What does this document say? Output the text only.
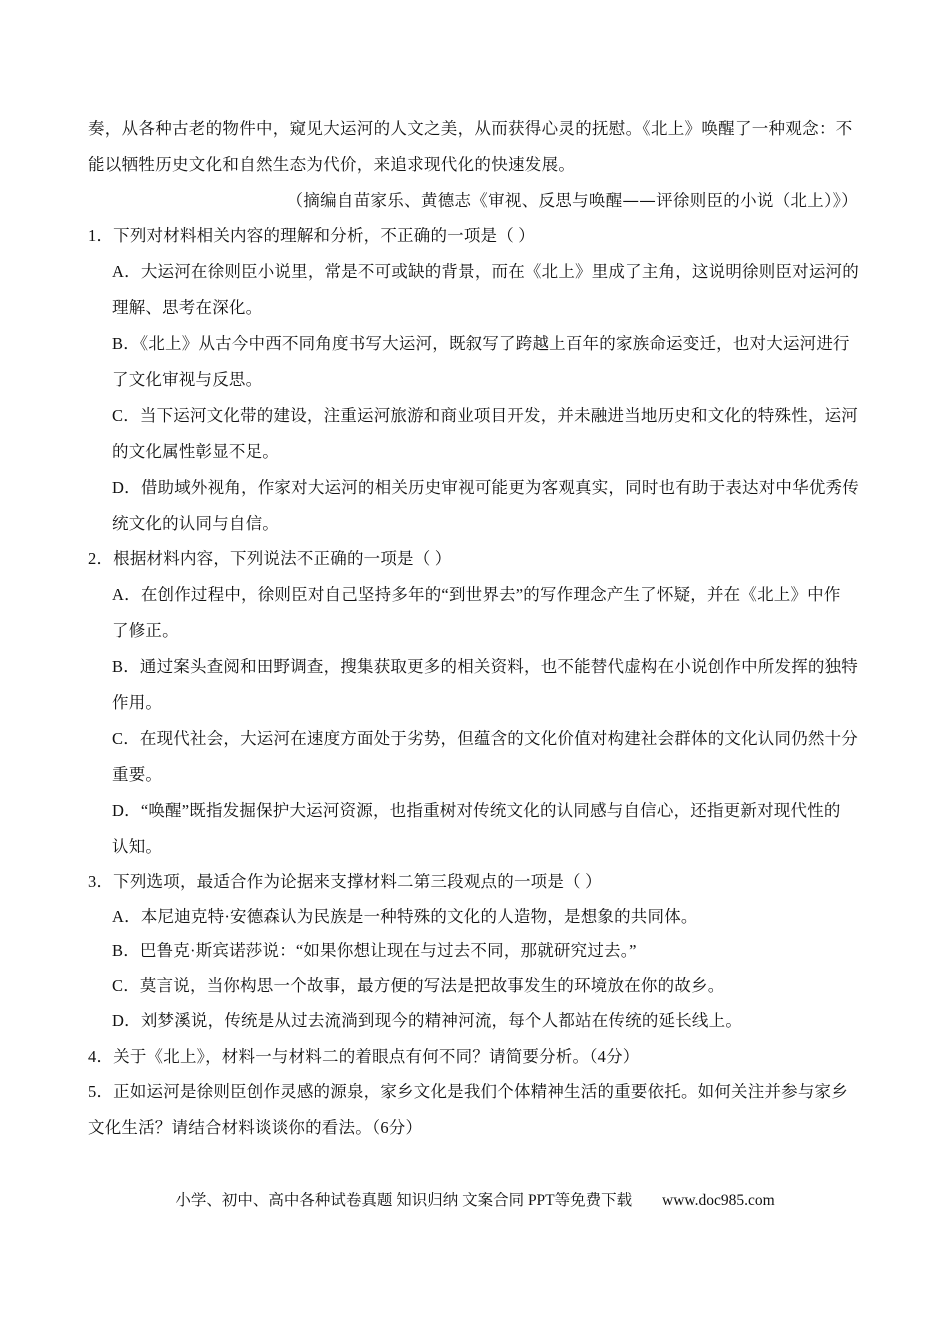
奏，从各种古老的物件中，窥见大运河的人文之美，从而获得心灵的抚慰。《北上》唤醒了一种观念：不
能以牺牲历史文化和自然生态为代价，来追求现代化的快速发展。
（摘编自苗家乐、黄德志《审视、反思与唤醒——评徐则臣的小说（北上）》）
1．下列对材料相关内容的理解和分析，不正确的一项是（ ）
A．大运河在徐则臣小说里，常是不可或缺的背景，而在《北上》里成了主角，这说明徐则臣对运河的
理解、思考在深化。
B．《北上》从古今中西不同角度书写大运河，既叙写了跨越上百年的家族命运变迁，也对大运河进行
了文化审视与反思。
C．当下运河文化带的建设，注重运河旅游和商业项目开发，并未融进当地历史和文化的特殊性，运河
的文化属性彰显不足。
D．借助域外视角，作家对大运河的相关历史审视可能更为客观真实，同时也有助于表达对中华优秀传
统文化的认同与自信。
2．根据材料内容，下列说法不正确的一项是（ ）
A．在创作过程中，徐则臣对自己坚持多年的“到世界去”的写作理念产生了怀疑，并在《北上》中作
了修正。
B．通过案头查阅和田野调查，搜集获取更多的相关资料，也不能替代虚构在小说创作中所发挥的独特
作用。
C．在现代社会，大运河在速度方面处于劣势，但蕴含的文化价值对构建社会群体的文化认同仍然十分
重要。
D．“唤醒”既指发掘保护大运河资源，也指重树对传统文化的认同感与自信心，还指更新对现代性的
认知。
3．下列选项，最适合作为论据来支撑材料二第三段观点的一项是（ ）
A．本尼迪克特·安德森认为民族是一种特殊的文化的人造物，是想象的共同体。
B．巴鲁克·斯宾诺莎说：“如果你想让现在与过去不同，那就研究过去。”
C．莫言说，当你构思一个故事，最方便的写法是把故事发生的环境放在你的故乡。
D．刘梦溪说，传统是从过去流淌到现今的精神河流，每个人都站在传统的延长线上。
4．关于《北上》，材料一与材料二的着眼点有何不同？请简要分析。（4分）
5．正如运河是徐则臣创作灵感的源泉，家乡文化是我们个体精神生活的重要依托。如何关注并参与家乡
文化生活？请结合材料谈谈你的看法。（6分）
小学、初中、高中各种试卷真题 知识归纳 文案合同 PPT等免费下载 www.doc985.com
